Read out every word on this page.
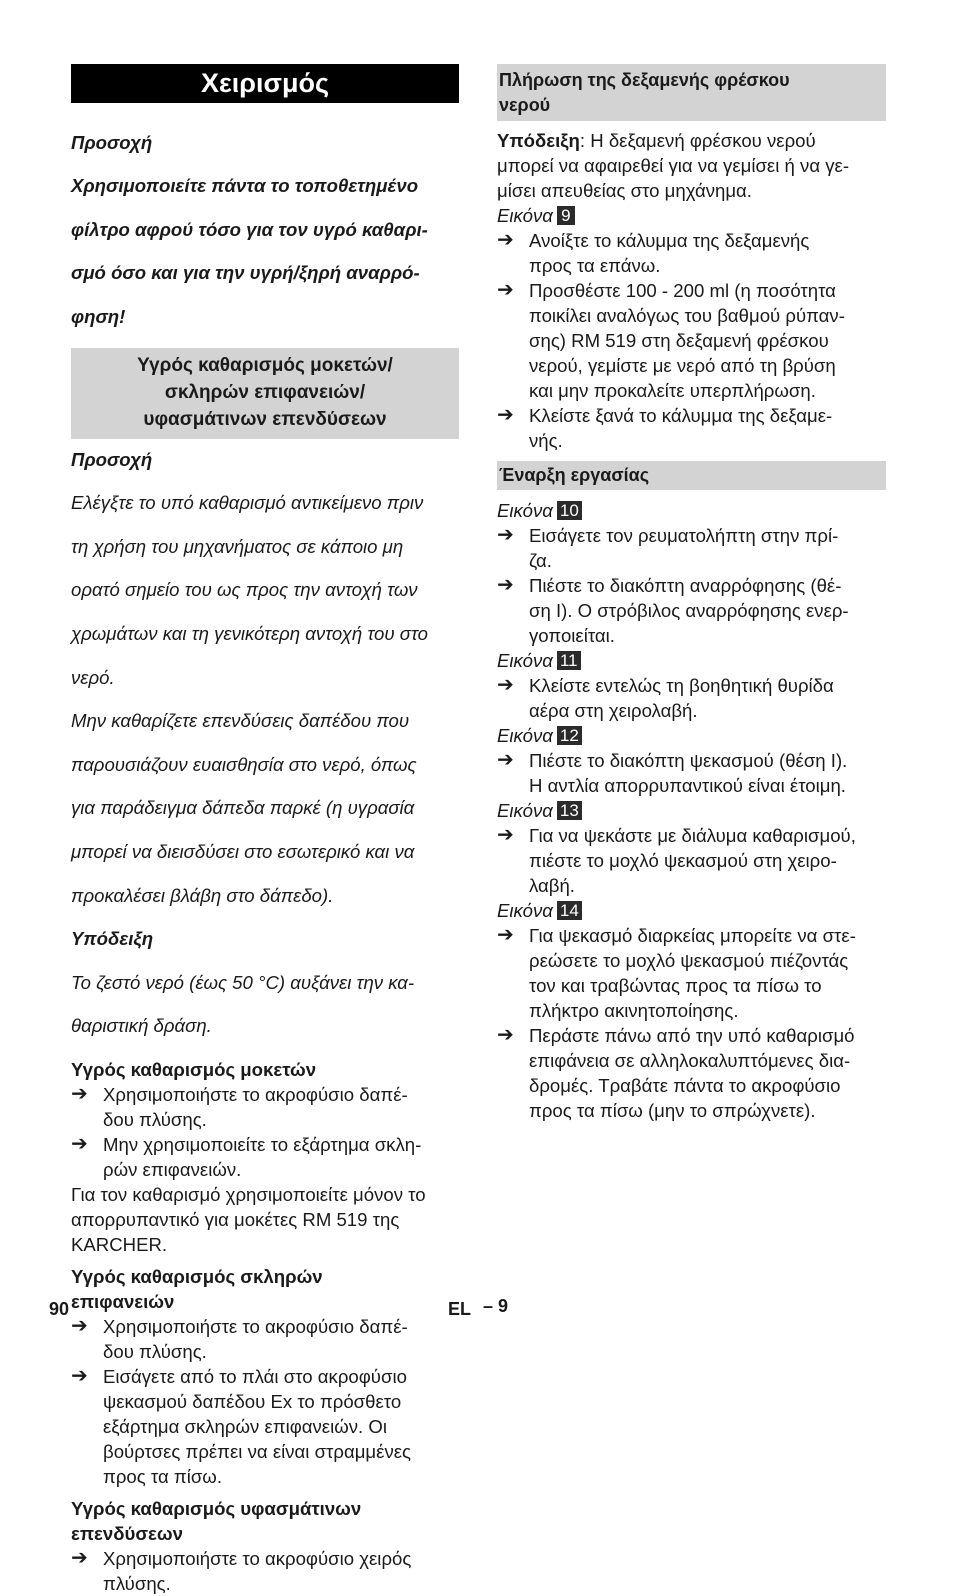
Χειρισμός

Προσοχή

Χρησιμοποιείτε πάντα το τοποθετημένο

φίλτρο αφρού τόσο για τον υγρό καθαρι-

σμό όσο και για την υγρή/ξηρή αναρρό-

φηση!

Υγρός καθαρισμός μοκετών/
σκληρών επιφανειών/
υφασμάτινων επενδύσεων

Προσοχή

Ελέγξτε το υπό καθαρισμό αντικείμενο πριν

τη χρήση του μηχανήματος σε κάποιο μη

ορατό σημείο του ως προς την αντοχή των

χρωμάτων και τη γενικότερη αντοχή του στο

νερό.

Μην καθαρίζετε επενδύσεις δαπέδου που

παρουσιάζουν ευαισθησία στο νερό, όπως

για παράδειγμα δάπεδα παρκέ (η υγρασία

μπορεί να διεισδύσει στο εσωτερικό και να

προκαλέσει βλάβη στο δάπεδο).

Υπόδειξη

Το ζεστό νερό (έως 50 °C) αυξάνει την κα-

θαριστική δράση.

Υγρός καθαρισμός μοκετών

➔ Χρησιμοποιήστε το ακροφύσιο δαπέ-
δου πλύσης.
➔ Μην χρησιμοποιείτε το εξάρτημα σκλη-
ρών επιφανειών.

Για τον καθαρισμό χρησιμοποιείτε μόνον το

απορρυπαντικό για μοκέτες RM 519 της

KARCHER.

Υγρός καθαρισμός σκληρών

επιφανειών

➔ Χρησιμοποιήστε το ακροφύσιο δαπέ-
δου πλύσης.
➔ Εισάγετε από το πλάι στο ακροφύσιο
ψεκασμού δαπέδου Ex το πρόσθετο
εξάρτημα σκληρών επιφανειών. Οι
βούρτσες πρέπει να είναι στραμμένες
προς τα πίσω.

Υγρός καθαρισμός υφασμάτινων

επενδύσεων

➔ Χρησιμοποιήστε το ακροφύσιο χειρός
πλύσης.
Πλήρωση της δεξαμενής φρέσκου
νερού

Υπόδειξη: Η δεξαμενή φρέσκου νερού

μπορεί να αφαιρεθεί για να γεμίσει ή να γε-

μίσει απευθείας στο μηχάνημα.

Εικόνα 9

➔ Ανοίξτε το κάλυμμα της δεξαμενής
προς τα επάνω.
➔ Προσθέστε 100 - 200 ml (η ποσότητα
ποικίλει αναλόγως του βαθμού ρύπαν-
σης) RM 519 στη δεξαμενή φρέσκου
νερού, γεμίστε με νερό από τη βρύση
και μην προκαλείτε υπερπλήρωση.
➔ Κλείστε ξανά το κάλυμμα της δεξαμε-
νής.
Έναρξη εργασίας

Εικόνα 10

➔ Εισάγετε τον ρευματολήπτη στην πρί-
ζα.
➔ Πιέστε το διακόπτη αναρρόφησης (θέ-
ση I). Ο στρόβιλος αναρρόφησης ενερ-
γοποιείται.

Εικόνα 11

➔ Κλείστε εντελώς τη βοηθητική θυρίδα
αέρα στη χειρολαβή.

Εικόνα 12

➔ Πιέστε το διακόπτη ψεκασμού (θέση I).
Η αντλία απορρυπαντικού είναι έτοιμη.

Εικόνα 13

➔ Για να ψεκάστε με διάλυμα καθαρισμού,
πιέστε το μοχλό ψεκασμού στη χειρο-
λαβή.

Εικόνα 14

➔ Για ψεκασμό διαρκείας μπορείτε να στε-
ρεώσετε το μοχλό ψεκασμού πιέζοντάς
τον και τραβώντας προς τα πίσω το
πλήκτρο ακινητοποίησης.
➔ Περάστε πάνω από την υπό καθαρισμό
επιφάνεια σε αλληλοκαλυπτόμενες δια-
δρομές. Τραβάτε πάντα το ακροφύσιο
προς τα πίσω (μην το σπρώχνετε).
90	EL – 9
